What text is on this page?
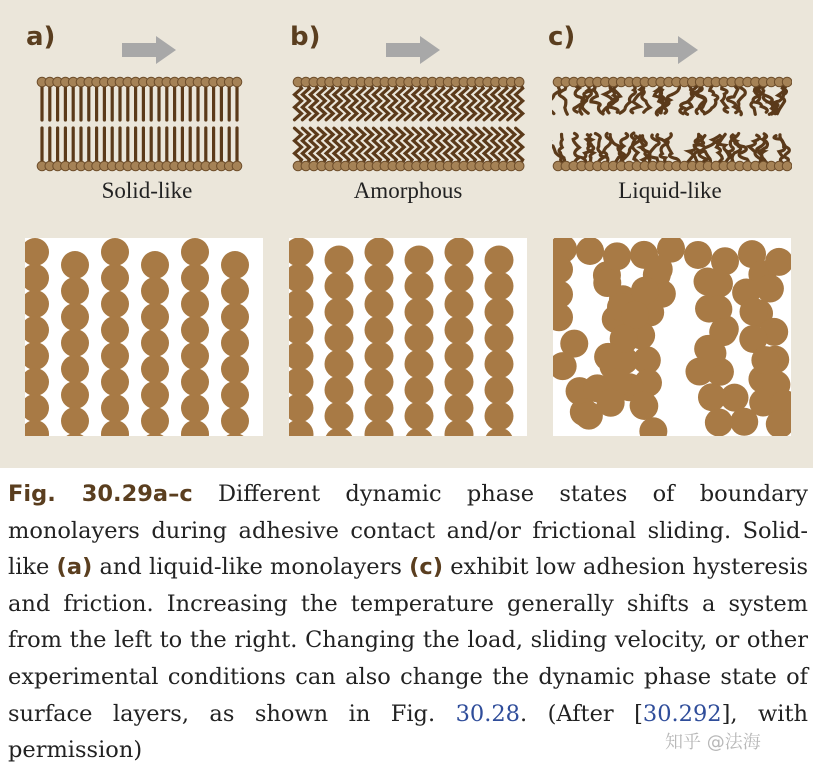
a)	b)	c)
Solid-like	Amorphous	Liquid-like
Fig. 30.29a–c Different dynamic phase states of boundary monolayers during adhesive contact and/or frictional sliding. Solid-like (a) and liquid-like monolayers (c) exhibit low adhesion hysteresis and friction. Increasing the temperature generally shifts a system from the left to the right. Changing the load, sliding velocity, or other experimental conditions can also change the dynamic phase state of surface layers, as shown in Fig. 30.28. (After [30.292], with permission)	知乎 @法海
